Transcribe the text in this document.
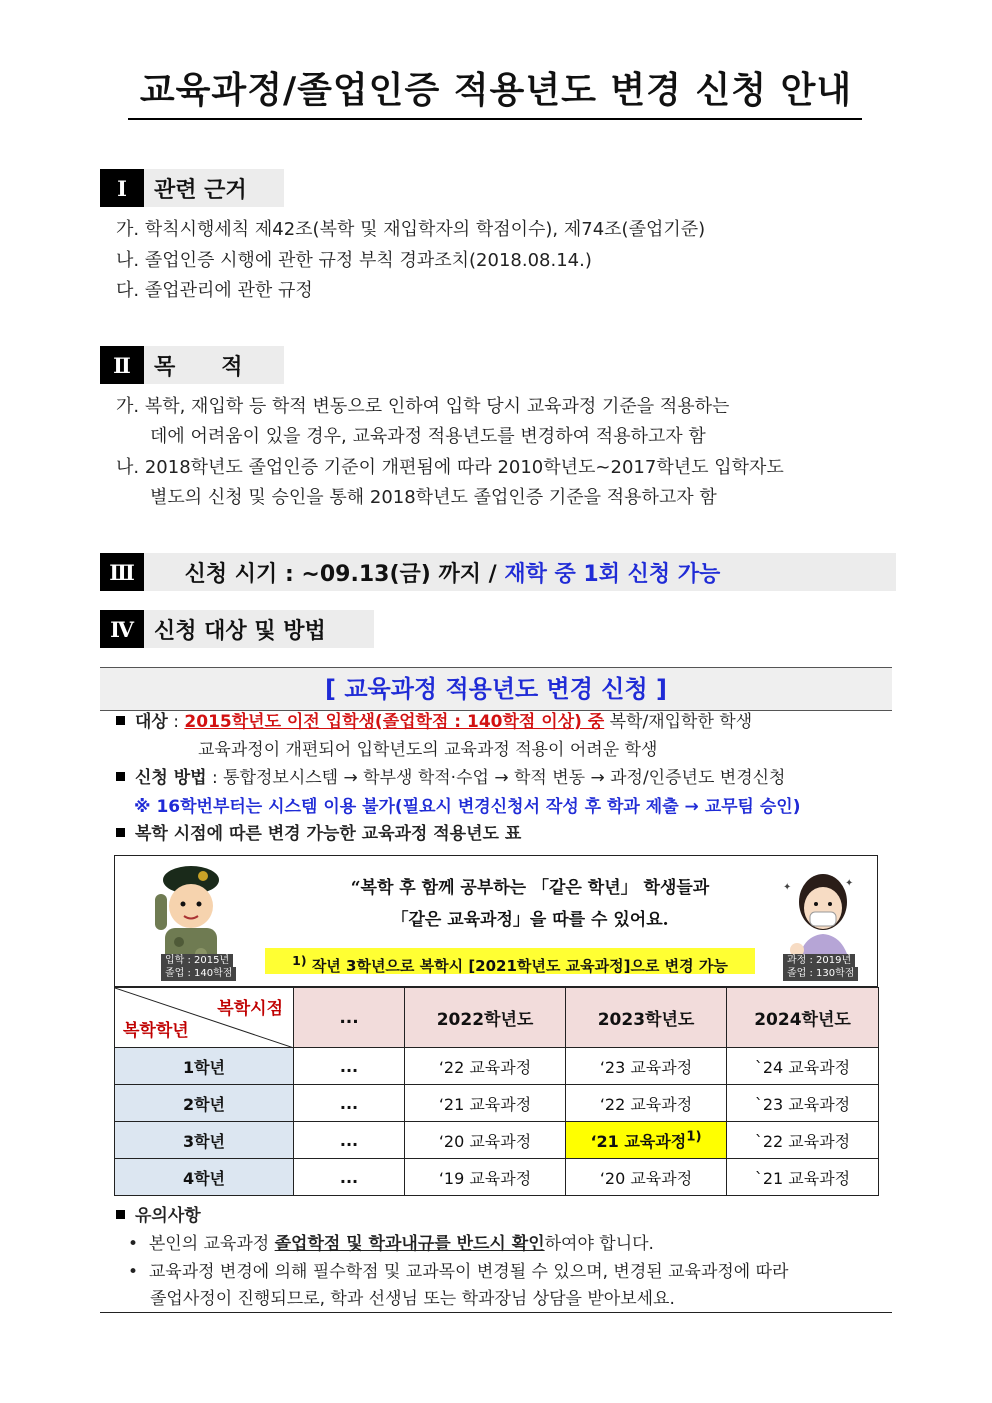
교육과정/졸업인증 적용년도 변경 신청 안내
Ⅰ	관련 근거
가. 학칙시행세칙 제42조(복학 및 재입학자의 학점이수), 제74조(졸업기준)
나. 졸업인증 시행에 관한 규정 부칙 경과조치(2018.08.14.)
다. 졸업관리에 관한 규정
Ⅱ	목      적
가. 복학, 재입학 등 학적 변동으로 인하여 입학 당시 교육과정 기준을 적용하는
데에 어려움이 있을 경우, 교육과정 적용년도를 변경하여 적용하고자 함
나. 2018학년도 졸업인증 기준이 개편됨에 따라 2010학년도~2017학년도 입학자도
별도의 신청 및 승인을 통해 2018학년도 졸업인증 기준을 적용하고자 함
Ⅲ	신청 시기 : ~09.13(금) 까지 / 재학 중 1회 신청 가능

Ⅳ 신청 대상 및 방법
[ 교육과정 적용년도 변경 신청 ]
대상 : 2015학년도 이전 입학생(졸업학점 : 140학점 이상) 중 복학/재입학한 학생
교육과정이 개편되어 입학년도의 교육과정 적용이 어려운 학생
신청 방법 : 통합정보시스템 → 학부생 학적·수업 → 학적 변동 → 과정/인증년도 변경신청
※ 16학번부터는 시스템 이용 불가(필요시 변경신청서 작성 후 학과 제출 → 교무팀 승인)
복학 시점에 따른 변경 가능한 교육과정 적용년도 표
입학 : 2015년
졸업 : 140학점
“복학 후 함께 공부하는 「같은 학년」 학생들과
「같은 교육과정」을 따를 수 있어요.
$^{1)}$ 작년 3학년으로 복학시 [2021학년도 교육과정]으로 변경 가능
✦	✦
과정 : 2019년
졸업 : 130학점
복학시점
복학학년	...	2022학년도	2023학년도	2024학년도
1학년	...	‘22 교육과정	‘23 교육과정	`24 교육과정
2학년	...	‘21 교육과정	‘22 교육과정	`23 교육과정
3학년	...	‘20 교육과정	‘21 교육과정$^{1)}$	`22 교육과정
4학년	...	‘19 교육과정	‘20 교육과정	`21 교육과정
유의사항
• 본인의 교육과정 졸업학점 및 학과내규를 반드시 확인하여야 합니다.
• 교육과정 변경에 의해 필수학점 및 교과목이 변경될 수 있으며, 변경된 교육과정에 따라
졸업사정이 진행되므로, 학과 선생님 또는 학과장님 상담을 받아보세요.
